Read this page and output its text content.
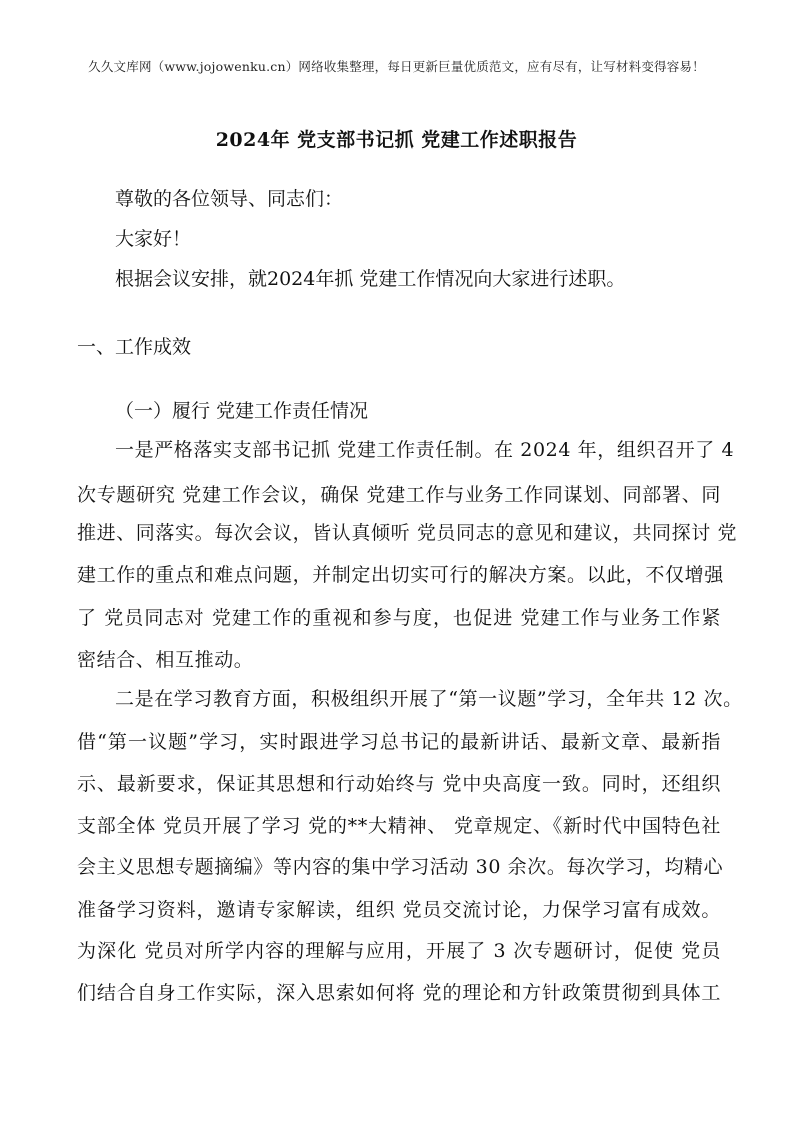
久久文库网（www.jojowenku.cn）网络收集整理，每日更新巨量优质范文，应有尽有，让写材料变得容易！
2024年 党支部书记抓 党建工作述职报告
尊敬的各位领导、同志们：
大家好！
根据会议安排，就2024年抓 党建工作情况向大家进行述职。
一、工作成效
（一）履行 党建工作责任情况
一是严格落实支部书记抓 党建工作责任制。在 2024 年，组织召开了 4
次专题研究 党建工作会议，确保 党建工作与业务工作同谋划、同部署、同
推进、同落实。每次会议，皆认真倾听 党员同志的意见和建议，共同探讨 党
建工作的重点和难点问题，并制定出切实可行的解决方案。以此，不仅增强
了 党员同志对 党建工作的重视和参与度，也促进 党建工作与业务工作紧
密结合、相互推动。
二是在学习教育方面，积极组织开展了“第一议题”学习，全年共 12 次。
借“第一议题”学习，实时跟进学习总书记的最新讲话、最新文章、最新指
示、最新要求，保证其思想和行动始终与 党中央高度一致。同时，还组织
支部全体 党员开展了学习 党的**大精神、 党章规定、《新时代中国特色社
会主义思想专题摘编》等内容的集中学习活动 30 余次。每次学习，均精心
准备学习资料，邀请专家解读，组织 党员交流讨论，力保学习富有成效。
为深化 党员对所学内容的理解与应用，开展了 3 次专题研讨，促使 党员
们结合自身工作实际，深入思索如何将 党的理论和方针政策贯彻到具体工
